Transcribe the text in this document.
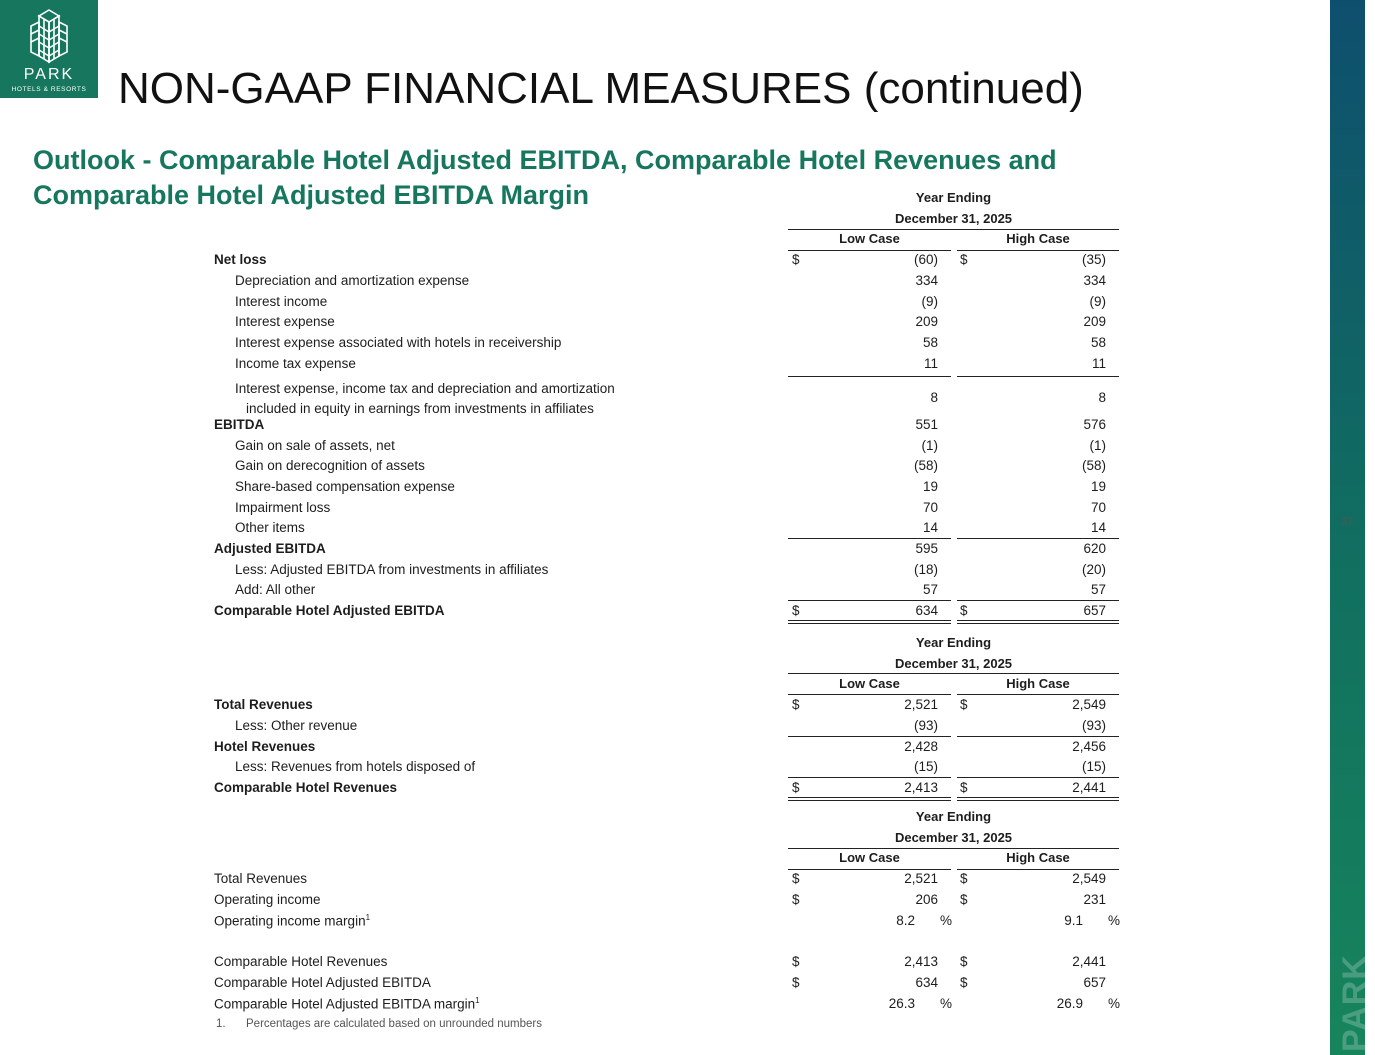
PARK
HOTELS & RESORTS
PARK
37
NON-GAAP FINANCIAL MEASURES (continued)
Outlook - Comparable Hotel Adjusted EBITDA, Comparable Hotel Revenues and Comparable Hotel Adjusted EBITDA Margin	Year Ending
December 31, 2025
Low Case	High Case
Net loss	$	(60) $	(35)
Depreciation and amortization expense	334	334
Interest income	(9)	(9)
Interest expense	209	209
Interest expense associated with hotels in receivership	58	58
Income tax expense	11	11
Interest expense, income tax and depreciation and amortization
included in equity in earnings from investments in affiliates
8	8
EBITDA	551	576
Gain on sale of assets, net	(1)	(1)
Gain on derecognition of assets	(58)	(58)
Share-based compensation expense	19	19
Impairment loss	70	70
Other items	14	14
Adjusted EBITDA	595	620
Less: Adjusted EBITDA from investments in affiliates	(18)	(20)
Add: All other	57	57
Comparable Hotel Adjusted EBITDA	$	634 $	657
Year Ending
December 31, 2025
Low Case	High Case
Total Revenues	$	2,521 $	2,549
Less: Other revenue	(93)	(93)
Hotel Revenues	2,428	2,456
Less: Revenues from hotels disposed of	(15)	(15)
Comparable Hotel Revenues	$	2,413 $	2,441
Year Ending
December 31, 2025
Low Case	High Case
Total Revenues	$	2,521 $	2,549
Operating income	$	206 $	231
Operating income margin$^1$	8.2 %	9.1 %
Comparable Hotel Revenues	$	2,413 $	2,441
Comparable Hotel Adjusted EBITDA	$	634 $	657
Comparable Hotel Adjusted EBITDA margin$^1$	26.3 %	26.9 %
1. Percentages are calculated based on unrounded numbers
